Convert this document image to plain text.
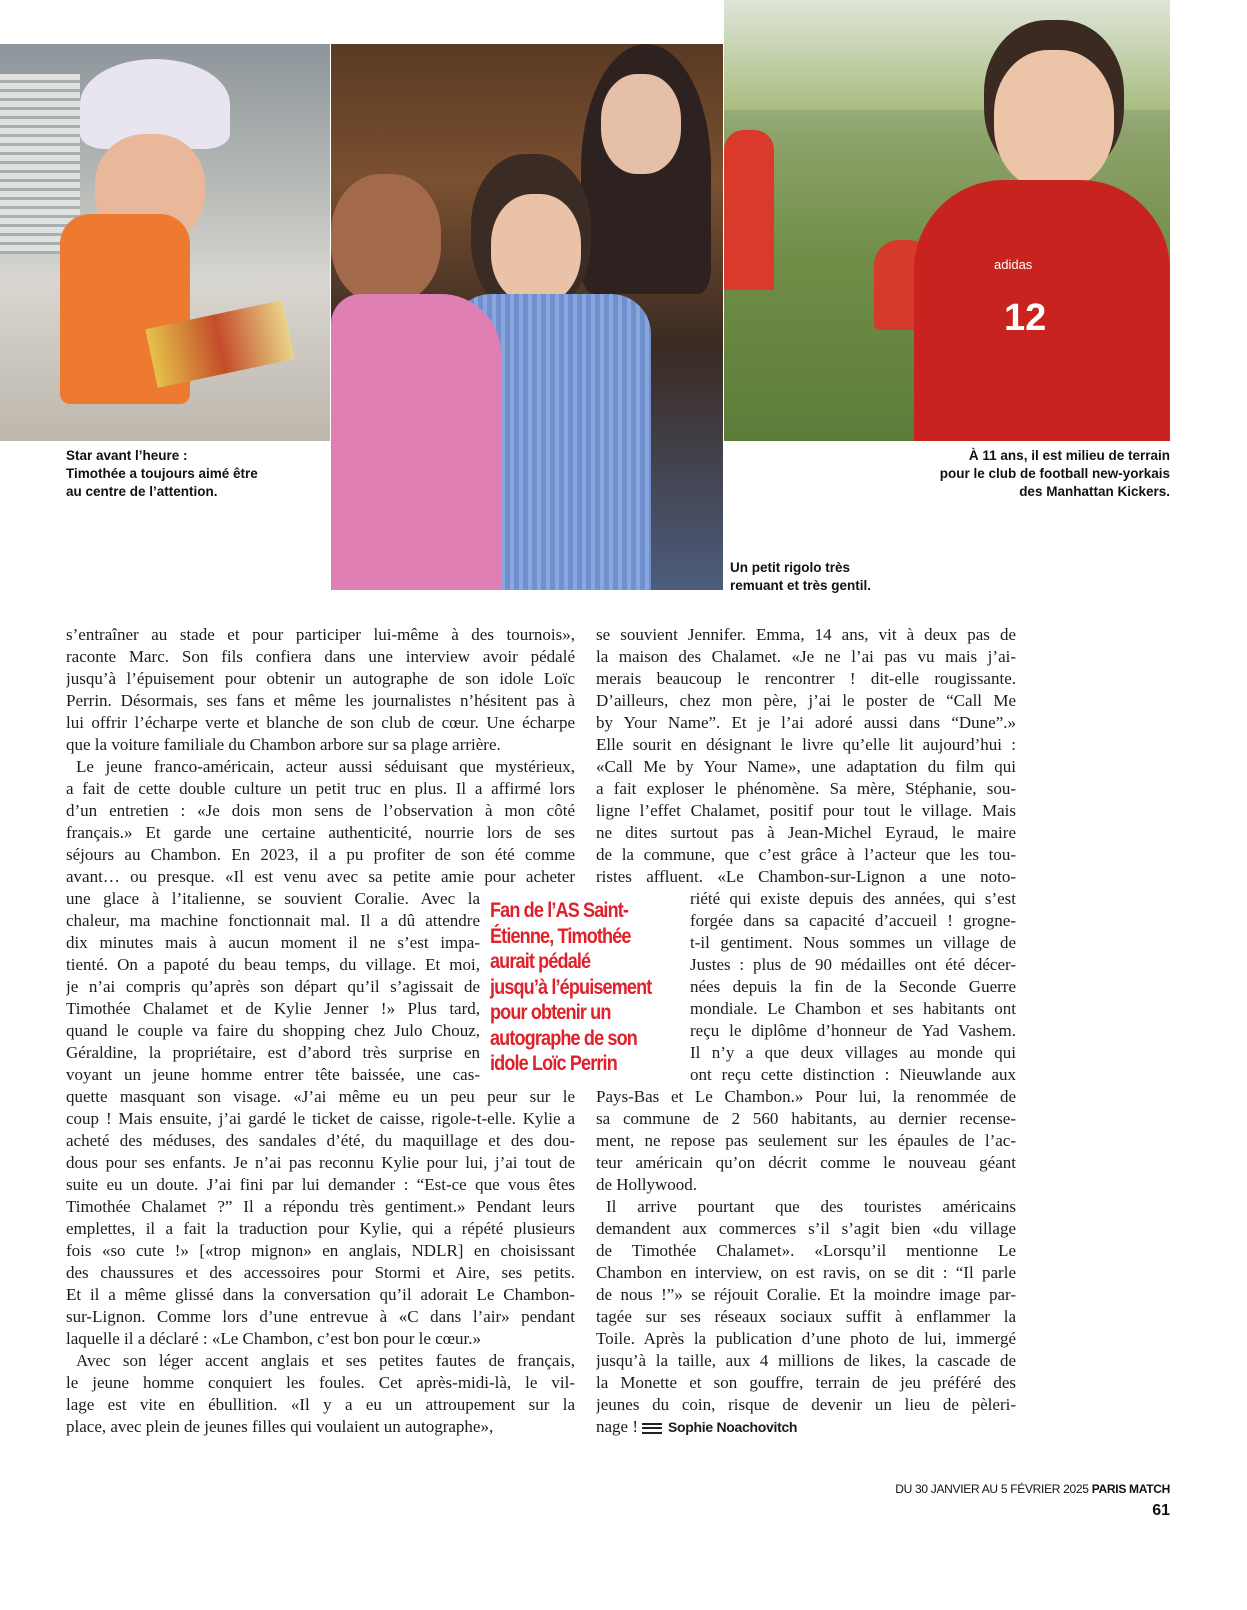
adidas
12
Star avant l’heure :
Timothée a toujours aimé être
au centre de l’attention.
Un petit rigolo très
remuant et très gentil.
À 11 ans, il est milieu de terrain
pour le club de football new-yorkais
des Manhattan Kickers.
s’entraîner au stade et pour participer lui-même à des tournois»,
raconte Marc. Son fils confiera dans une interview avoir pédalé
jusqu’à l’épuisement pour obtenir un autographe de son idole Loïc
Perrin. Désormais, ses fans et même les journalistes n’hésitent pas à
lui offrir l’écharpe verte et blanche de son club de cœur. Une écharpe
que la voiture familiale du Chambon arbore sur sa plage arrière.
Le jeune franco-américain, acteur aussi séduisant que mystérieux,
a fait de cette double culture un petit truc en plus. Il a affirmé lors
d’un entretien : «Je dois mon sens de l’observation à mon côté
français.» Et garde une certaine authenticité, nourrie lors de ses
séjours au Chambon. En 2023, il a pu profiter de son été comme
avant… ou presque. «Il est venu avec sa petite amie pour acheter
une glace à l’italienne, se souvient Coralie. Avec la
chaleur, ma machine fonctionnait mal. Il a dû attendre
dix minutes mais à aucun moment il ne s’est impa-
tienté. On a papoté du beau temps, du village. Et moi,
je n’ai compris qu’après son départ qu’il s’agissait de
Timothée Chalamet et de Kylie Jenner !» Plus tard,
quand le couple va faire du shopping chez Julo Chouz,
Géraldine, la propriétaire, est d’abord très surprise en
voyant un jeune homme entrer tête baissée, une cas-
quette masquant son visage. «J’ai même eu un peu peur sur le
coup ! Mais ensuite, j’ai gardé le ticket de caisse, rigole-t-elle. Kylie a
acheté des méduses, des sandales d’été, du maquillage et des dou-
dous pour ses enfants. Je n’ai pas reconnu Kylie pour lui, j’ai tout de
suite eu un doute. J’ai fini par lui demander : “Est-ce que vous êtes
Timothée Chalamet ?” Il a répondu très gentiment.» Pendant leurs
emplettes, il a fait la traduction pour Kylie, qui a répété plusieurs
fois «so cute !» [«trop mignon» en anglais, NDLR] en choisissant
des chaussures et des accessoires pour Stormi et Aire, ses petits.
Et il a même glissé dans la conversation qu’il adorait Le Chambon-
sur-Lignon. Comme lors d’une entrevue à «C dans l’air» pendant
laquelle il a déclaré : «Le Chambon, c’est bon pour le cœur.»
Avec son léger accent anglais et ses petites fautes de français,
le jeune homme conquiert les foules. Cet après-midi-là, le vil-
lage est vite en ébullition. «Il y a eu un attroupement sur la
place, avec plein de jeunes filles qui voulaient un autographe»,
se souvient Jennifer. Emma, 14 ans, vit à deux pas de
la maison des Chalamet. «Je ne l’ai pas vu mais j’ai-
merais beaucoup le rencontrer ! dit-elle rougissante.
D’ailleurs, chez mon père, j’ai le poster de “Call Me
by Your Name”. Et je l’ai adoré aussi dans “Dune”.»
Elle sourit en désignant le livre qu’elle lit aujourd’hui :
«Call Me by Your Name», une adaptation du film qui
a fait exploser le phénomène. Sa mère, Stéphanie, sou-
ligne l’effet Chalamet, positif pour tout le village. Mais
ne dites surtout pas à Jean-Michel Eyraud, le maire
de la commune, que c’est grâce à l’acteur que les tou-
ristes affluent. «Le Chambon-sur-Lignon a une noto-
riété qui existe depuis des années, qui s’est
forgée dans sa capacité d’accueil ! grogne-
t-il gentiment. Nous sommes un village de
Justes : plus de 90 médailles ont été décer-
nées depuis la fin de la Seconde Guerre
mondiale. Le Chambon et ses habitants ont
reçu le diplôme d’honneur de Yad Vashem.
Il n’y a que deux villages au monde qui
ont reçu cette distinction : Nieuwlande aux
Pays-Bas et Le Chambon.» Pour lui, la renommée de
sa commune de 2 560 habitants, au dernier recense-
ment, ne repose pas seulement sur les épaules de l’ac-
teur américain qu’on décrit comme le nouveau géant
de Hollywood.
Il arrive pourtant que des touristes américains
demandent aux commerces s’il s’agit bien «du village
de Timothée Chalamet». «Lorsqu’il mentionne Le
Chambon en interview, on est ravis, on se dit : “Il parle
de nous !”» se réjouit Coralie. Et la moindre image par-
tagée sur ses réseaux sociaux suffit à enflammer la
Toile. Après la publication d’une photo de lui, immergé
jusqu’à la taille, aux 4 millions de likes, la cascade de
la Monette et son gouffre, terrain de jeu préféré des
jeunes du coin, risque de devenir un lieu de pèleri-
nage ! Sophie Noachovitch
Fan de l’AS Saint-
Étienne, Timothée
aurait pédalé
jusqu’à l’épuisement
pour obtenir un
autographe de son
idole Loïc Perrin
DU 30 JANVIER AU 5 FÉVRIER 2025 PARIS MATCH
61
